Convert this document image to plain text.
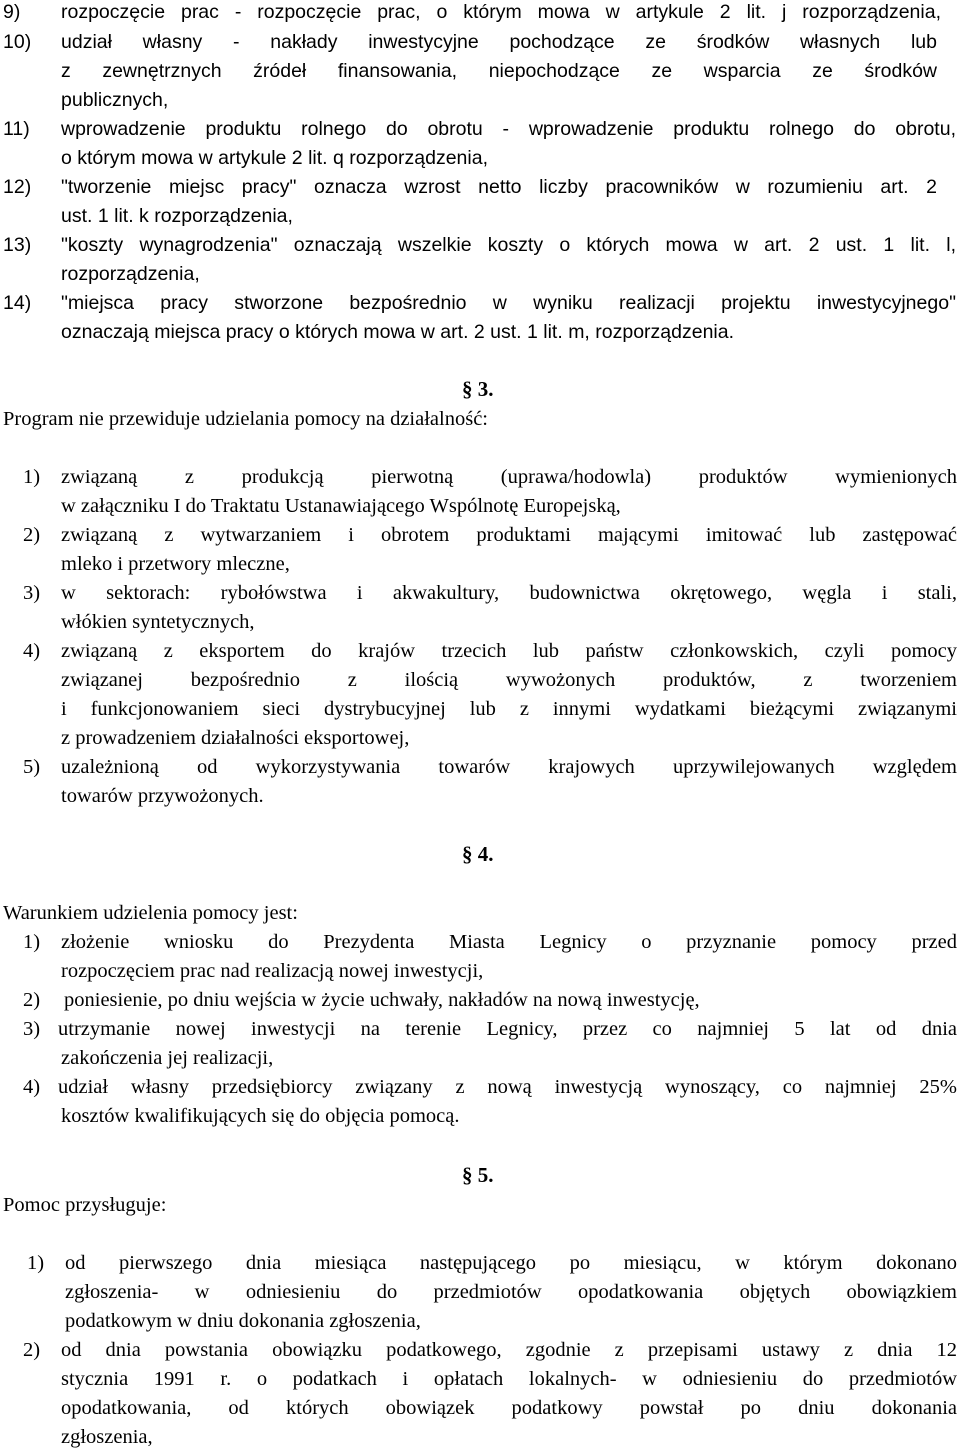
9) rozpoczęcie prac - rozpoczęcie prac, o którym mowa w artykule 2 lit. j rozporządzenia,
10) udział własny - nakłady inwestycyjne pochodzące ze środków własnych lub
z zewnętrznych źródeł finansowania, niepochodzące ze wsparcia ze środków
publicznych,
11) wprowadzenie produktu rolnego do obrotu - wprowadzenie produktu rolnego do obrotu,
o którym mowa w artykule 2 lit. q rozporządzenia,
12) "tworzenie miejsc pracy" oznacza wzrost netto liczby pracowników w rozumieniu art. 2
ust. 1 lit. k rozporządzenia,
13) "koszty wynagrodzenia" oznaczają wszelkie koszty o których mowa w art. 2 ust. 1 lit. l,
rozporządzenia,
14) "miejsca pracy stworzone bezpośrednio w wyniku realizacji projektu inwestycyjnego"
oznaczają miejsca pracy o których mowa w art. 2 ust. 1 lit. m, rozporządzenia.
§ 3.
Program nie przewiduje udzielania pomocy na działalność:
1) związaną z produkcją pierwotną (uprawa/hodowla) produktów wymienionych
w załączniku I do Traktatu Ustanawiającego Wspólnotę Europejską,
2) związaną z wytwarzaniem i obrotem produktami mającymi imitować lub zastępować
mleko i przetwory mleczne,
3) w sektorach: rybołówstwa i akwakultury, budownictwa okrętowego, węgla i stali,
włókien syntetycznych,
4) związaną z eksportem do krajów trzecich lub państw członkowskich, czyli pomocy
związanej bezpośrednio z ilością wywożonych produktów, z tworzeniem
i funkcjonowaniem sieci dystrybucyjnej lub z innymi wydatkami bieżącymi związanymi
z prowadzeniem działalności eksportowej,
5) uzależnioną od wykorzystywania towarów krajowych uprzywilejowanych względem
towarów przywożonych.
§ 4.
Warunkiem udzielenia pomocy jest:
1) złożenie wniosku do Prezydenta Miasta Legnicy o przyznanie pomocy przed
rozpoczęciem prac nad realizacją nowej inwestycji,
2) poniesienie, po dniu wejścia w życie uchwały, nakładów na nową inwestycję,
3) utrzymanie nowej inwestycji na terenie Legnicy, przez co najmniej 5 lat od dnia
zakończenia jej realizacji,
4) udział własny przedsiębiorcy związany z nową inwestycją wynoszący, co najmniej 25%
kosztów kwalifikujących się do objęcia pomocą.
§ 5.
Pomoc przysługuje:
1) od pierwszego dnia miesiąca następującego po miesiącu, w którym dokonano
zgłoszenia- w odniesieniu do przedmiotów opodatkowania objętych obowiązkiem
podatkowym w dniu dokonania zgłoszenia,
2) od dnia powstania obowiązku podatkowego, zgodnie z przepisami ustawy z dnia 12
stycznia 1991 r. o podatkach i opłatach lokalnych- w odniesieniu do przedmiotów
opodatkowania, od których obowiązek podatkowy powstał po dniu dokonania
zgłoszenia,
